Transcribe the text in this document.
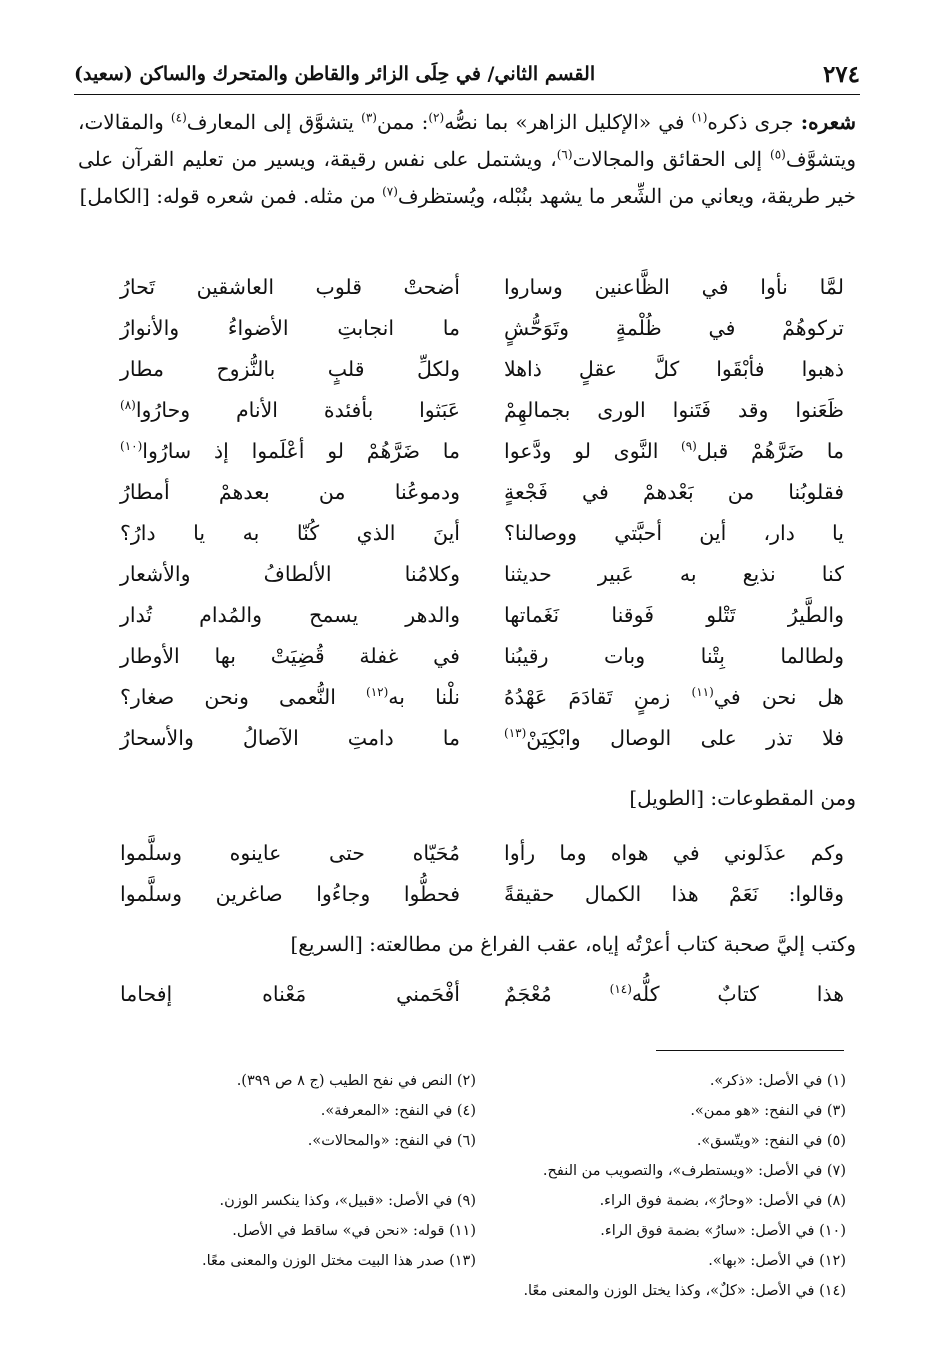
٢٧٤
القسم الثاني/ في حِلَى الزائر والقاطن والمتحرك والساكن (سعيد)
شعره: جرى ذكره$^{(١)}$ في «الإكليل الزاهر» بما نصُّه$^{(٢)}$: ممن$^{(٣)}$ يتشوَّق إلى المعارف$^{(٤)}$ والمقالات، ويتشوَّف$^{(٥)}$ إلى الحقائق والمجالات$^{(٦)}$، ويشتمل على نفس رقيقة، ويسير من تعليم القرآن على خير طريقة، ويعاني من الشِّعر ما يشهد بنُبْله، ويُستظرف$^{(٧)}$ من مثله. فمن شعره قوله: [الكامل]
لمَّا نأوا في الظَّاعنين وساروا
أضحتْ قلوب العاشقين تَحارُ
تركوهُمْ في ظُلْمةٍ وتَوَحُّشٍ
ما انجابتِ الأضواءُ والأنوارُ
ذهبوا فأبْقَوا كلَّ عقلٍ ذاهلا
ولكلِّ قلبٍ بالنُّزوح مطار
ظَعَنوا وقد فَتَنوا الورى بجمالهِمْ
عَبَثوا بأفئدة الأنام وحارُوا$^{(٨)}$
ما ضَرَّهُمْ قبل$^{(٩)}$ النَّوى لو ودَّعوا
ما ضَرَّهُمْ لو أعْلَموا إذ سارُوا$^{(١٠)}$
فقلوبُنا من بَعْدهمْ في فَجْعةٍ
ودموعُنا من بعدهمْ أمطارُ
يا دار، أين أحبَّتي ووصالنا؟
أينَ الذي كُنّا به يا دارُ؟
كنا نذيع به عَبير حديثنا
وكلامُنا الألطافُ والأشعار
والطَّيرُ تَتْلو فَوقنا نَغَماتها
والدهر يسمح والمُدام تُدار
ولطالما بِتْنا وبات رقيبُنا
في غفلة قُضِيَتْ بها الأوطار
هل نحن في$^{(١١)}$ زمنٍ تَقادَمَ عَهْدُهُ
نلْنا به$^{(١٢)}$ النُّعمى ونحن صغار؟
فلا تذر على الوصال وابْكِيَنْ$^{(١٣)}$
ما دامتِ الآصالُ والأسحارُ
ومن المقطوعات: [الطويل]
وكم عذَلوني في هواه وما رأوا
مُحَيّاه حتى عاينوه وسلَّموا
وقالوا: نَعَمْ هذا الكمال حقيقةً
فحطُّوا وجاءُوا صاغرين وسلَّموا
وكتب إليَّ صحبة كتاب أعرْتُه إياه، عقب الفراغ من مطالعته: [السريع]
هذا كتابٌ كلُّه$^{(١٤)}$ مُعْجَمٌ
أفْحَمني مَعْناه إفحاما
(١) في الأصل: «ذكر».
(٢) النص في نفح الطيب (ج ٨ ص ٣٩٩).
(٣) في النفح: «هو ممن».
(٤) في النفح: «المعرفة».
(٥) في النفح: «ويتّسق».
(٦) في النفح: «والمحالات».
(٧) في الأصل: «ويستطرف»، والتصويب من النفح.
(٨) في الأصل: «وحارُ»، بضمة فوق الراء.
(٩) في الأصل: «قبيل»، وكذا ينكسر الوزن.
(١٠) في الأصل: «سارُ» بضمة فوق الراء.
(١١) قوله: «نحن في» ساقط في الأصل.
(١٢) في الأصل: «بها».
(١٣) صدر هذا البيت مختل الوزن والمعنى معًا.
(١٤) في الأصل: «كلٌ»، وكذا يختل الوزن والمعنى معًا.
